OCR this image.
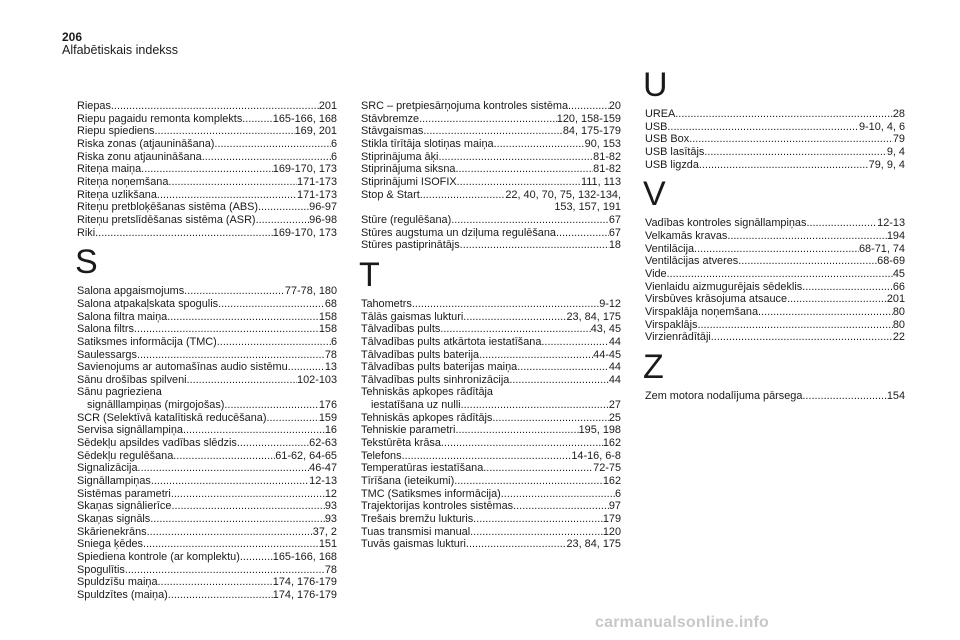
206
Alfabētiskais indekss
Riepas .....	201
Riepu pagaidu remonta komplekts .....	165-166, 168
Riepu spiediens .....	169, 201
Riska zonas (atjaunināšana) .....	6
Riska zonu atjaunināšana .....	6
Riteņa maiņa .....	169-170, 173
Riteņa noņemšana .....	171-173
Riteņa uzlikšana .....	171-173
Riteņu pretbloķēšanas sistēma (ABS) .....	96-97
Riteņu pretslīdēšanas sistēma (ASR) .....	96-98
Riki .....	169-170, 173
S
Salona apgaismojums .....	77-78, 180
Salona atpakaļskata spogulis .....	68
Salona filtra maiņa .....	158
Salona filtrs .....	158
Satiksmes informācija (TMC) .....	6
Saulessargs .....	78
Savienojums ar automašīnas audio sistēmu .....	13
Sānu drošības spilveni .....	102-103
Sānu pagrieziena
signālllampiņas (mirgojošas) .....	176
SCR (Selektīvā katalītiskā reducēšana) .....	159
Servisa signāllampiņa .....	16
Sēdekļu apsildes vadības slēdzis .....	62-63
Sēdekļu regulēšana .....	61-62, 64-65
Signalizācija .....	46-47
Signāllampiņas .....	12-13
Sistēmas parametri .....	12
Skaņas signālierīce .....	93
Skaņas signāls .....	93
Skārienekrāns .....	37, 2
Sniega ķēdes .....	151
Spiediena kontrole (ar komplektu) .....	165-166, 168
Spogulītis .....	78
Spuldzīšu maiņa .....	174, 176-179
Spuldzītes (maiņa) .....	174, 176-179
SRC – pretpiesārņojuma kontroles sistēma .....	20
Stāvbremze .....	120, 158-159
Stāvgaismas .....	84, 175-179
Stikla tīrītāja slotiņas maiņa .....	90, 153
Stiprinājuma āķi .....	81-82
Stiprinājuma siksna .....	81-82
Stiprinājumi ISOFIX .....	111, 113
Stop & Start .....	22, 40, 70, 75, 132-134,
153, 157, 191
Stūre (regulēšana) .....	67
Stūres augstuma un dziļuma regulēšana .....	67
Stūres pastiprinātājs .....	18
T
Tahometrs .....	9-12
Tālās gaismas lukturi .....	23, 84, 175
Tālvadības pults .....	43, 45
Tālvadības pults atkārtota iestatīšana .....	44
Tālvadības pults baterija .....	44-45
Tālvadības pults baterijas maiņa .....	44
Tālvadības pults sinhronizācija .....	44
Tehniskās apkopes rādītāja
iestatīšana uz nulli .....	27
Tehniskās apkopes rādītājs .....	25
Tehniskie parametri .....	195, 198
Tekstūrēta krāsa .....	162
Telefons .....	14-16, 6-8
Temperatūras iestatīšana .....	72-75
Tīrīšana (ieteikumi) .....	162
TMC (Satiksmes informācija) .....	6
Trajektorijas kontroles sistēmas .....	97
Trešais bremžu lukturis .....	179
Tuas transmisi manual .....	120
Tuvās gaismas lukturi .....	23, 84, 175
U
UREA .....	28
USB .....	9-10, 4, 6
USB Box .....	79
USB lasītājs .....	9, 4
USB ligzda .....	79, 9, 4
V
Vadības kontroles signāllampiņas .....	12-13
Velkamās kravas .....	194
Ventilācija .....	68-71, 74
Ventilācijas atveres .....	68-69
Vide .....	45
Vienlaidu aizmugurējais sēdeklis .....	66
Virsbūves krāsojuma atsauce .....	201
Virspaklāja noņemšana .....	80
Virspaklājs .....	80
Virzienrādītāji .....	22
Z
Zem motora nodalījuma pārsega .....	154
carmanualsonline.info
